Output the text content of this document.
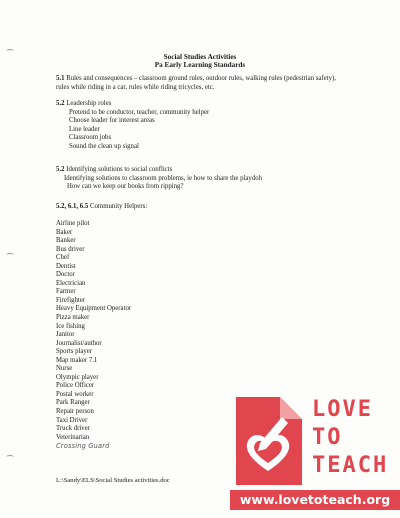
Social Studies Activities
Pa Early Learning Standards
5.1 Rules and consequences – classroom ground rules, outdoor rules, walking rules (pedestrian safety), rules while riding in a car, rules while riding tricycles, etc.
5.2 Leadership roles
Pretend to be conductor, teacher, community helper
Choose leader for interest areas
Line leader
Classroom jobs
Sound the clean up signal
5.2 Identifying solutions to social conflicts
Identifying solutions to classroom problems, ie how to share the playdoh
How can we keep our books from ripping?
5.2, 6.1, 6.5 Community Helpers:
Airline pilot
Baker
Banker
Bus driver
Chef
Dentist
Doctor
Electrician
Farmer
Firefighter
Heavy Equipment Operator
Pizza maker
Ice fishing
Janitor
Journalist/author
Sports player
Map maker 7.1
Nurse
Olympic player
Police Officer
Postal worker
Park Ranger
Repair person
Taxi Driver
Truck driver
Veterinarian
Crossing Guard
L:\Sandy\ELS\Social Studies activities.doc
LOVE
TO
TEACH
www.lovetoteach.org
